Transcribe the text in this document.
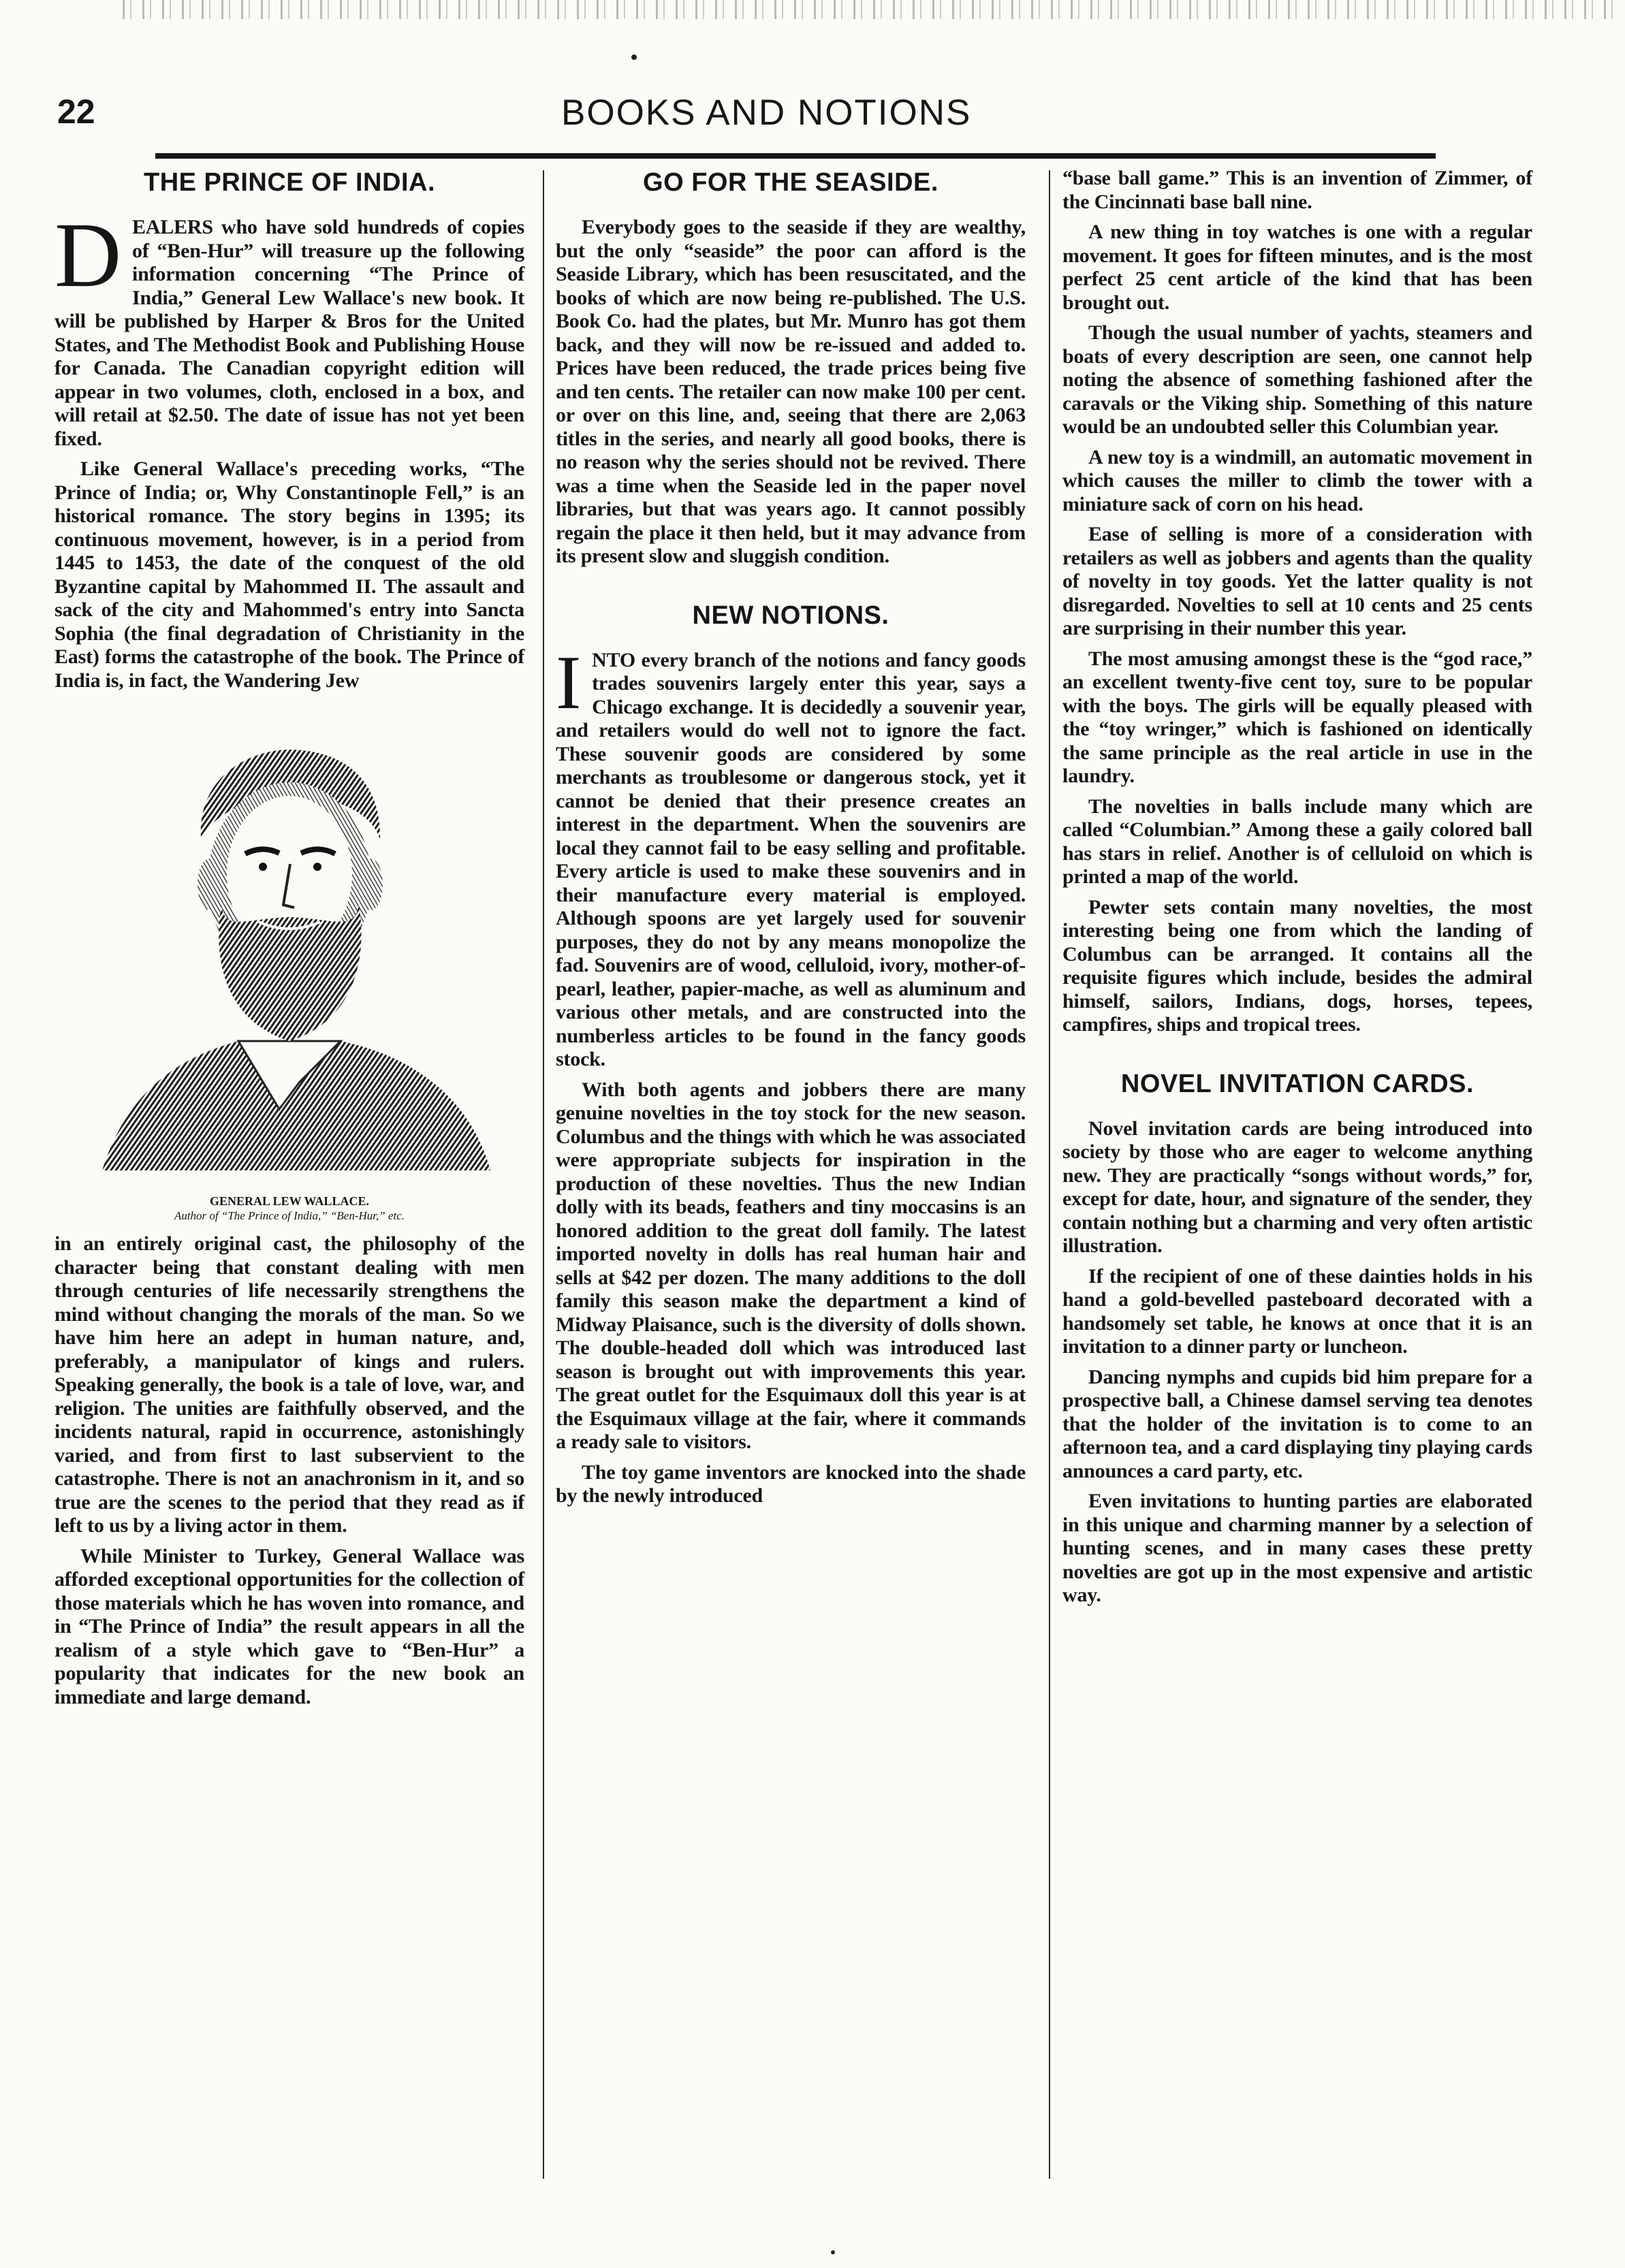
22	BOOKS AND NOTIONS
THE PRINCE OF INDIA.

DEALERS who have sold hundreds of copies of “Ben-Hur” will treasure up the following information concerning “The Prince of India,” General Lew Wallace's new book. It will be published by Harper & Bros for the United States, and The Methodist Book and Publishing House for Canada. The Canadian copyright edition will appear in two volumes, cloth, enclosed in a box, and will retail at $2.50. The date of issue has not yet been fixed.

Like General Wallace's preceding works, “The Prince of India; or, Why Constantinople Fell,” is an historical romance. The story begins in 1395; its continuous movement, however, is in a period from 1445 to 1453, the date of the conquest of the old Byzantine capital by Mahommed II. The assault and sack of the city and Mahommed's entry into Sancta Sophia (the final degradation of Christianity in the East) forms the catastrophe of the book. The Prince of India is, in fact, the Wandering Jew

GENERAL LEW WALLACE.
Author of “The Prince of India,” “Ben-Hur,” etc.

in an entirely original cast, the philosophy of the character being that constant dealing with men through centuries of life necessarily strengthens the mind without changing the morals of the man. So we have him here an adept in human nature, and, preferably, a manipulator of kings and rulers. Speaking generally, the book is a tale of love, war, and religion. The unities are faithfully observed, and the incidents natural, rapid in occurrence, astonishingly varied, and from first to last subservient to the catastrophe. There is not an anachronism in it, and so true are the scenes to the period that they read as if left to us by a living actor in them.

While Minister to Turkey, General Wallace was afforded exceptional opportunities for the collection of those materials which he has woven into romance, and in “The Prince of India” the result appears in all the realism of a style which gave to “Ben-Hur” a popularity that indicates for the new book an immediate and large demand.

GO FOR THE SEASIDE.

Everybody goes to the seaside if they are wealthy, but the only “seaside” the poor can afford is the Seaside Library, which has been resuscitated, and the books of which are now being re-published. The U.S. Book Co. had the plates, but Mr. Munro has got them back, and they will now be re-issued and added to. Prices have been reduced, the trade prices being five and ten cents. The retailer can now make 100 per cent. or over on this line, and, seeing that there are 2,063 titles in the series, and nearly all good books, there is no reason why the series should not be revived. There was a time when the Seaside led in the paper novel libraries, but that was years ago. It cannot possibly regain the place it then held, but it may advance from its present slow and sluggish condition.

NEW NOTIONS.

INTO every branch of the notions and fancy goods trades souvenirs largely enter this year, says a Chicago exchange. It is decidedly a souvenir year, and retailers would do well not to ignore the fact. These souvenir goods are considered by some merchants as troublesome or dangerous stock, yet it cannot be denied that their presence creates an interest in the department. When the souvenirs are local they cannot fail to be easy selling and profitable. Every article is used to make these souvenirs and in their manufacture every material is employed. Although spoons are yet largely used for souvenir purposes, they do not by any means monopolize the fad. Souvenirs are of wood, celluloid, ivory, mother-of-pearl, leather, papier-mache, as well as aluminum and various other metals, and are constructed into the numberless articles to be found in the fancy goods stock.

With both agents and jobbers there are many genuine novelties in the toy stock for the new season. Columbus and the things with which he was associated were appropriate subjects for inspiration in the production of these novelties. Thus the new Indian dolly with its beads, feathers and tiny moccasins is an honored addition to the great doll family. The latest imported novelty in dolls has real human hair and sells at $42 per dozen. The many additions to the doll family this season make the department a kind of Midway Plaisance, such is the diversity of dolls shown. The double-headed doll which was introduced last season is brought out with improvements this year. The great outlet for the Esquimaux doll this year is at the Esquimaux village at the fair, where it commands a ready sale to visitors.

The toy game inventors are knocked into the shade by the newly introduced

“base ball game.” This is an invention of Zimmer, of the Cincinnati base ball nine.

A new thing in toy watches is one with a regular movement. It goes for fifteen minutes, and is the most perfect 25 cent article of the kind that has been brought out.

Though the usual number of yachts, steamers and boats of every description are seen, one cannot help noting the absence of something fashioned after the caravals or the Viking ship. Something of this nature would be an undoubted seller this Columbian year.

A new toy is a windmill, an automatic movement in which causes the miller to climb the tower with a miniature sack of corn on his head.

Ease of selling is more of a consideration with retailers as well as jobbers and agents than the quality of novelty in toy goods. Yet the latter quality is not disregarded. Novelties to sell at 10 cents and 25 cents are surprising in their number this year.

The most amusing amongst these is the “god race,” an excellent twenty-five cent toy, sure to be popular with the boys. The girls will be equally pleased with the “toy wringer,” which is fashioned on identically the same principle as the real article in use in the laundry.

The novelties in balls include many which are called “Columbian.” Among these a gaily colored ball has stars in relief. Another is of celluloid on which is printed a map of the world.

Pewter sets contain many novelties, the most interesting being one from which the landing of Columbus can be arranged. It contains all the requisite figures which include, besides the admiral himself, sailors, Indians, dogs, horses, tepees, campfires, ships and tropical trees.

NOVEL INVITATION CARDS.

Novel invitation cards are being introduced into society by those who are eager to welcome anything new. They are practically “songs without words,” for, except for date, hour, and signature of the sender, they contain nothing but a charming and very often artistic illustration.

If the recipient of one of these dainties holds in his hand a gold-bevelled pasteboard decorated with a handsomely set table, he knows at once that it is an invitation to a dinner party or luncheon.

Dancing nymphs and cupids bid him prepare for a prospective ball, a Chinese damsel serving tea denotes that the holder of the invitation is to come to an afternoon tea, and a card displaying tiny playing cards announces a card party, etc.

Even invitations to hunting parties are elaborated in this unique and charming manner by a selection of hunting scenes, and in many cases these pretty novelties are got up in the most expensive and artistic way.
